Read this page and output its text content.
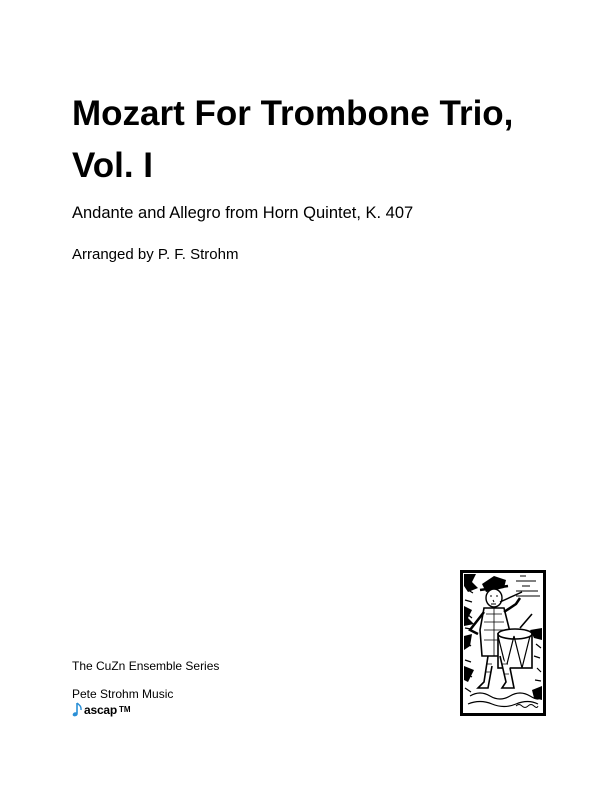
Mozart For Trombone Trio, Vol. I
Andante and Allegro from Horn Quintet, K. 407
Arranged by P. F. Strohm
The CuZn Ensemble Series
Pete Strohm Music
ascap TM
